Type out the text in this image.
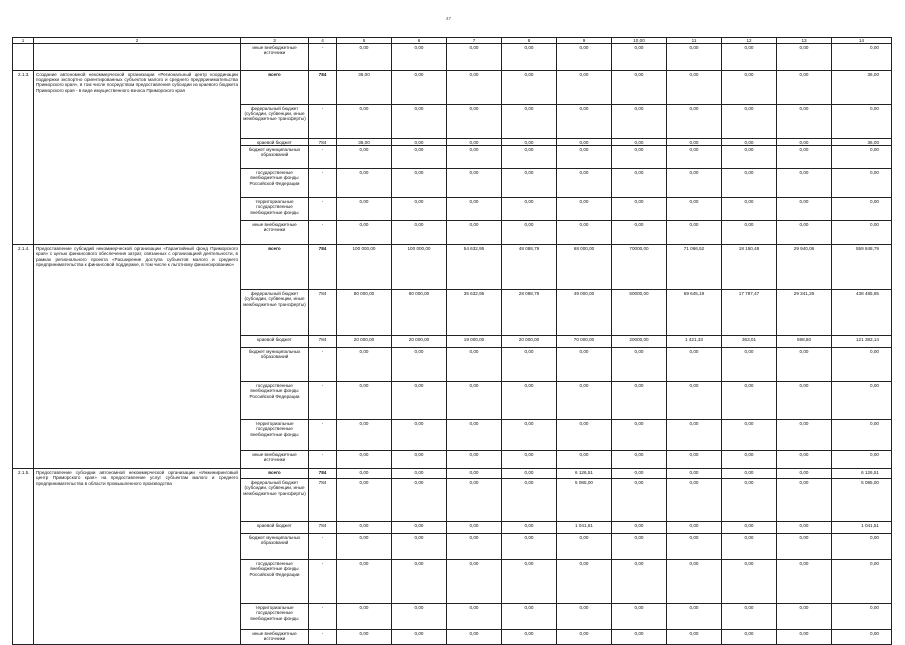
47
1	2	3	4	5	6	7	8	9	10,00	11	12	13	14
		иные внебюджетные источники	-	0,00	0,00	0,00	0,00	0,00	0,00	0,00	0,00	0,00	0,00
2.1.3.	Создание автономной некоммерческой организации «Региональный центр координации поддержки экспортно ориентированных субъектов малого и среднего предпринимательства Приморского края», в том числе посредством предоставления субсидии из краевого бюджета Приморского края - в виде имущественного взноса Приморского края	всего	784	36,00	0,00	0,00	0,00	0,00	0,00	0,00	0,00	0,00	36,00
		федеральный бюджет (субсидии, субвенции, иные межбюджетные трансферты)	-	0,00	0,00	0,00	0,00	0,00	0,00	0,00	0,00	0,00	0,00
		краевой бюджет	784	36,00	0,00	0,00	0,00	0,00	0,00	0,00	0,00	0,00	36,00
		бюджет муниципальных образований	-	0,00	0,00	0,00	0,00	0,00	0,00	0,00	0,00	0,00	0,00
		государственные внебюджетные фонды Российской Федерации	-	0,00	0,00	0,00	0,00	0,00	0,00	0,00	0,00	0,00	0,00
		территориальные государственные внебюджетные фонды	-	0,00	0,00	0,00	0,00	0,00	0,00	0,00	0,00	0,00	0,00
		иные внебюджетные источники	-	0,00	0,00	0,00	0,00	0,00	0,00	0,00	0,00	0,00	0,00
2.1.4.	Предоставление субсидий некоммерческой организации «Гарантийный фонд Приморского края» с целью финансового обеспечения затрат, связанных с организацией деятельности, в рамках регионального проекта «Расширение доступа субъектов малого и среднего предпринимательства к финансовой поддержке, в том числе к льготному финансированию»	всего	784	100 000,00	100 000,00	54 632,95	48 088,79	68 000,00	70000,00	71 066,52	18 150,48	29 940,06	559 848,79
		федеральный бюджет (субсидии, субвенции, иные межбюджетные трансферты)	784	80 000,00	80 000,00	35 632,95	28 088,79	49 000,00	50000,00	69 645,19	17 787,47	29 341,26	438 485,65
		краевой бюджет	784	20 000,00	20 000,00	19 000,00	20 000,00	70 000,00	20000,00	1 421,33	363,01	598,80	121 383,14
		бюджет муниципальных образований	-	0,00	0,00	0,00	0,00	0,00	0,00	0,00	0,00	0,00	0,00
		государственные внебюджетные фонды Российской Федерации	-	0,00	0,00	0,00	0,00	0,00	0,00	0,00	0,00	0,00	0,00
		территориальные государственные внебюджетные фонды	-	0,00	0,00	0,00	0,00	0,00	0,00	0,00	0,00	0,00	0,00
		иные внебюджетные источники	-	0,00	0,00	0,00	0,00	0,00	0,00	0,00	0,00	0,00	0,00
2.1.5.	Предоставление субсидии автономной некоммерческой организации «Инжиниринговый центр Приморского края» на предоставление услуг субъектам малого и среднего предпринимательства в области промышленного производства	всего	784	0,00	0,00	0,00	0,00	6 126,51	0,00	0,00	0,00	0,00	6 126,51
		федеральный бюджет (субсидии, субвенции, иные межбюджетные трансферты)	784	0,00	0,00	0,00	0,00	5 085,00	0,00	0,00	0,00	0,00	5 085,00
		краевой бюджет	784	0,00	0,00	0,00	0,00	1 041,51	0,00	0,00	0,00	0,00	1 041,51
		бюджет муниципальных образований	-	0,00	0,00	0,00	0,00	0,00	0,00	0,00	0,00	0,00	0,00
		государственные внебюджетные фонды Российской Федерации	-	0,00	0,00	0,00	0,00	0,00	0,00	0,00	0,00	0,00	0,00
		территориальные государственные внебюджетные фонды	-	0,00	0,00	0,00	0,00	0,00	0,00	0,00	0,00	0,00	0,00
		иные внебюджетные источники	-	0,00	0,00	0,00	0,00	0,00	0,00	0,00	0,00	0,00	0,00
